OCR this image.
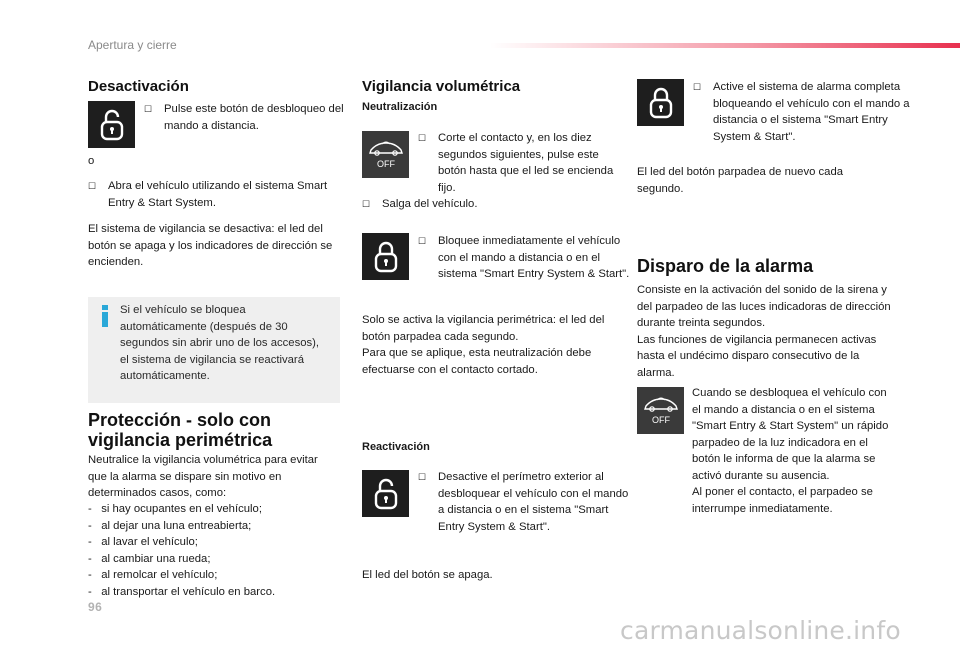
Apertura y cierre
Desactivación
☐ Pulse este botón de desbloqueo del mando a distancia.
o
☐ Abra el vehículo utilizando el sistema Smart Entry & Start System.
El sistema de vigilancia se desactiva: el led del botón se apaga y los indicadores de dirección se encienden.
Si el vehículo se bloquea automáticamente (después de 30 segundos sin abrir uno de los accesos), el sistema de vigilancia se reactivará automáticamente.
Protección - solo con
vigilancia perimétrica
Neutralice la vigilancia volumétrica para evitar que la alarma se dispare sin motivo en determinados casos, como:
-   si hay ocupantes en el vehículo;
-   al dejar una luna entreabierta;
-   al lavar el vehículo;
-   al cambiar una rueda;
-   al remolcar el vehículo;
-   al transportar el vehículo en barco.
Vigilancia volumétrica
Neutralización
OFF
☐ Corte el contacto y, en los diez segundos siguientes, pulse este botón hasta que el led se encienda fijo.
☐ Salga del vehículo.
☐ Bloquee inmediatamente el vehículo con el mando a distancia o en el sistema "Smart Entry System & Start".
Solo se activa la vigilancia perimétrica: el led del botón parpadea cada segundo.
Para que se aplique, esta neutralización debe efectuarse con el contacto cortado.
Reactivación
☐ Desactive el perímetro exterior al desbloquear el vehículo con el mando a distancia o en el sistema "Smart Entry System & Start".
El led del botón se apaga.
☐ Active el sistema de alarma completa bloqueando el vehículo con el mando a distancia o el sistema "Smart Entry System & Start".
El led del botón parpadea de nuevo cada segundo.
Disparo de la alarma
Consiste en la activación del sonido de la sirena y del parpadeo de las luces indicadoras de dirección durante treinta segundos.
Las funciones de vigilancia permanecen activas hasta el undécimo disparo consecutivo de la alarma.
OFF
Cuando se desbloquea el vehículo con el mando a distancia o en el sistema "Smart Entry & Start System" un rápido parpadeo de la luz indicadora en el botón le informa de que la alarma se activó durante su ausencia.
Al poner el contacto, el parpadeo se interrumpe inmediatamente.
96
carmanualsonline.info
